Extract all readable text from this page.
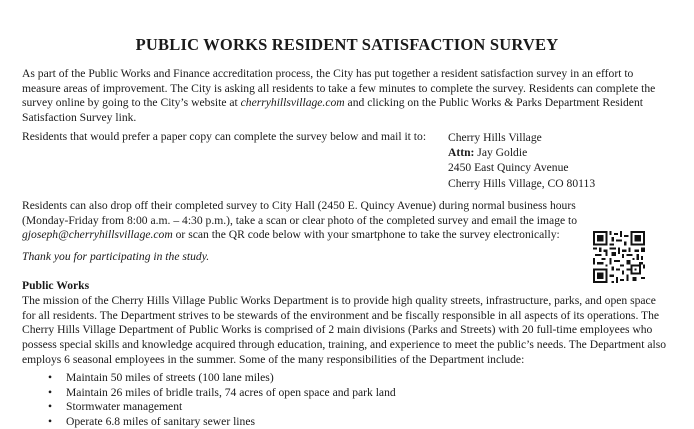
PUBLIC WORKS RESIDENT SATISFACTION SURVEY

As part of the Public Works and Finance accreditation process, the City has put together a resident satisfaction survey in an effort to measure areas of improvement. The City is asking all residents to take a few minutes to complete the survey. Residents can complete the survey online by going to the City’s website at cherryhillsvillage.com and clicking on the Public Works & Parks Department Resident Satisfaction Survey link.

Residents that would prefer a paper copy can complete the survey below and mail it to:	Cherry Hills Village
Attn: Jay Goldie
2450 East Quincy Avenue
Cherry Hills Village, CO 80113

Residents can also drop off their completed survey to City Hall (2450 E. Quincy Avenue) during normal business hours (Monday-Friday from 8:00 a.m. – 4:30 p.m.), take a scan or clear photo of the completed survey and email the image to gjoseph@cherryhillsvillage.com or scan the QR code below with your smartphone to take the survey electronically:

Thank you for participating in the study.

Public Works

The mission of the Cherry Hills Village Public Works Department is to provide high quality streets, infrastructure, parks, and open space for all residents. The Department strives to be stewards of the environment and be fiscally responsible in all aspects of its operations. The Cherry Hills Village Department of Public Works is comprised of 2 main divisions (Parks and Streets) with 20 full-time employees who possess special skills and knowledge acquired through education, training, and experience to meet the public’s needs. The Department also employs 6 seasonal employees in the summer. Some of the many responsibilities of the Department include:

• Maintain 50 miles of streets (100 lane miles)
• Maintain 26 miles of bridle trails, 74 acres of open space and park land
• Stormwater management
• Operate 6.8 miles of sanitary sewer lines
